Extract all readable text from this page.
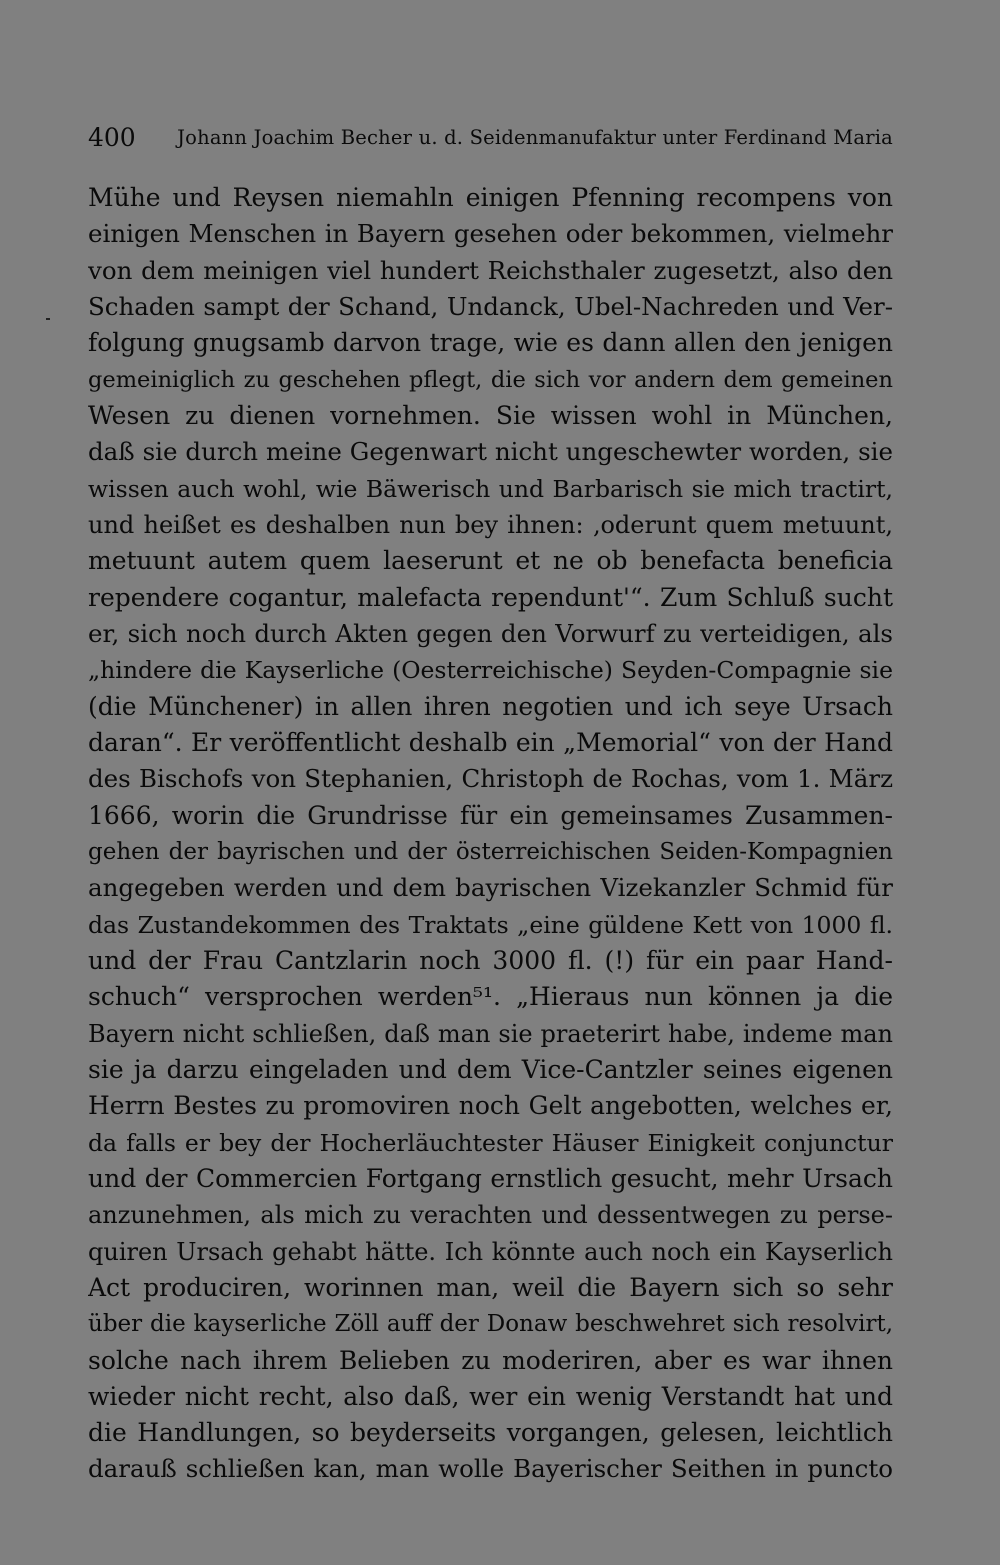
400	Johann Joachim Becher u. d. Seidenmanufaktur unter Ferdinand Maria
Mühe und Reysen niemahln einigen Pfenning recompens von
einigen Menschen in Bayern gesehen oder bekommen, vielmehr
von dem meinigen viel hundert Reichsthaler zugesetzt, also den
Schaden sampt der Schand, Undanck, Ubel-Nachreden und Ver-
folgung gnugsamb darvon trage, wie es dann allen den jenigen
gemeiniglich zu geschehen pflegt, die sich vor andern dem gemeinen
Wesen zu dienen vornehmen. Sie wissen wohl in München,
daß sie durch meine Gegenwart nicht ungeschewter worden, sie
wissen auch wohl, wie Bäwerisch und Barbarisch sie mich tractirt,
und heißet es deshalben nun bey ihnen: ‚oderunt quem metuunt,
metuunt autem quem laeserunt et ne ob benefacta beneficia
rependere cogantur, malefacta rependunt'“. Zum Schluß sucht
er, sich noch durch Akten gegen den Vorwurf zu verteidigen, als
„hindere die Kayserliche (Oesterreichische) Seyden-Compagnie sie
(die Münchener) in allen ihren negotien und ich seye Ursach
daran“. Er veröffentlicht deshalb ein „Memorial“ von der Hand
des Bischofs von Stephanien, Christoph de Rochas, vom 1. März
1666, worin die Grundrisse für ein gemeinsames Zusammen-
gehen der bayrischen und der österreichischen Seiden-Kompagnien
angegeben werden und dem bayrischen Vizekanzler Schmid für
das Zustandekommen des Traktats „eine güldene Kett von 1000 fl.
und der Frau Cantzlarin noch 3000 fl. (!) für ein paar Hand-
schuch“ versprochen werden⁵¹. „Hieraus nun können ja die
Bayern nicht schließen, daß man sie praeterirt habe, indeme man
sie ja darzu eingeladen und dem Vice-Cantzler seines eigenen
Herrn Bestes zu promoviren noch Gelt angebotten, welches er,
da falls er bey der Hocherläuchtester Häuser Einigkeit conjunctur
und der Commercien Fortgang ernstlich gesucht, mehr Ursach
anzunehmen, als mich zu verachten und dessentwegen zu perse-
quiren Ursach gehabt hätte. Ich könnte auch noch ein Kayserlich
Act produciren, worinnen man, weil die Bayern sich so sehr
über die kayserliche Zöll auff der Donaw beschwehret sich resolvirt,
solche nach ihrem Belieben zu moderiren, aber es war ihnen
wieder nicht recht, also daß, wer ein wenig Verstandt hat und
die Handlungen, so beyderseits vorgangen, gelesen, leichtlich
darauß schließen kan, man wolle Bayerischer Seithen in puncto
